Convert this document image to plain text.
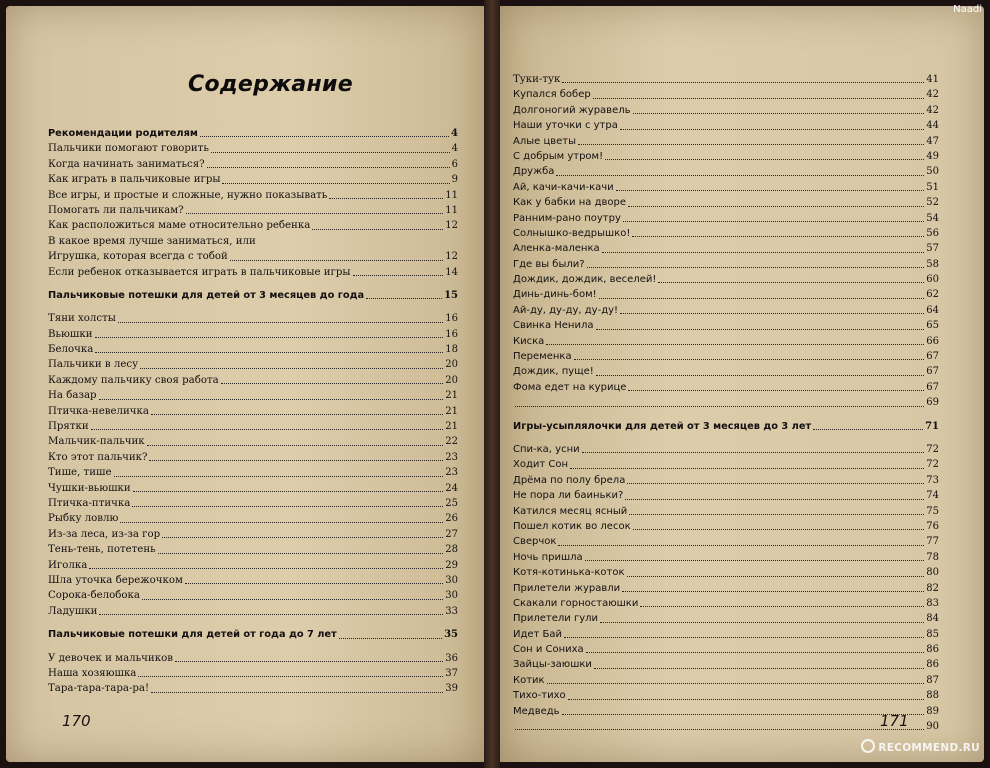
Naadi
Содержание
Рекомендации родителям	4
Пальчики помогают говорить	4
Когда начинать заниматься?	6
Как играть в пальчиковые игры	9
Все игры, и простые и сложные, нужно показывать	11
Помогать ли пальчикам?	11
Как расположиться маме относительно ребенка	12
В какое время лучше заниматься, или
Игрушка, которая всегда с тобой	12
Если ребенок отказывается играть в пальчиковые игры	14
Пальчиковые потешки для детей от 3 месяцев до года	15
Тяни холсты	16
Вьюшки	16
Белочка	18
Пальчики в лесу	20
Каждому пальчику своя работа	20
На базар	21
Птичка-невеличка	21
Прятки	21
Мальчик-пальчик	22
Кто этот пальчик?	23
Тише, тише	23
Чушки-вьюшки	24
Птичка-птичка	25
Рыбку ловлю	26
Из-за леса, из-за гор	27
Тень-тень, потетень	28
Иголка	29
Шла уточка бережочком	30
Сорока-белобока	30
Ладушки	33
Пальчиковые потешки для детей от года до 7 лет	35
У девочек и мальчиков	36
Наша хозяюшка	37
Тара-тара-тара-ра!	39
Туки-тук	41
Купался бобер	42
Долгоногий журавель	42
Наши уточки с утра	44
Алые цветы	47
С добрым утром!	49
Дружба	50
Ай, качи-качи-качи	51
Как у бабки на дворе	52
Ранним-рано поутру	54
Солнышко-ведрышко!	56
Аленка-маленка	57
Где вы были?	58
Дождик, дождик, веселей!	60
Динь-динь-бом!	62
Ай-ду, ду-ду, ду-ду!	64
Свинка Ненила	65
Киска	66
Переменка	67
Дождик, пуще!	67
Фома едет на курице	67
69
Игры-усыплялочки для детей от 3 месяцев до 3 лет	71
Спи-ка, усни	72
Ходит Сон	72
Дрёма по полу брела	73
Не пора ли баиньки?	74
Катился месяц ясный	75
Пошел котик во лесок	76
Сверчок	77
Ночь пришла	78
Котя-котинька-коток	80
Прилетели журавли	82
Скакали горностаюшки	83
Прилетели гули	84
Идет Бай	85
Сон и Сониха	86
Зайцы-заюшки	86
Котик	87
Тихо-тихо	88
Медведь	89
90
170	171
RECOMMEND.RU
